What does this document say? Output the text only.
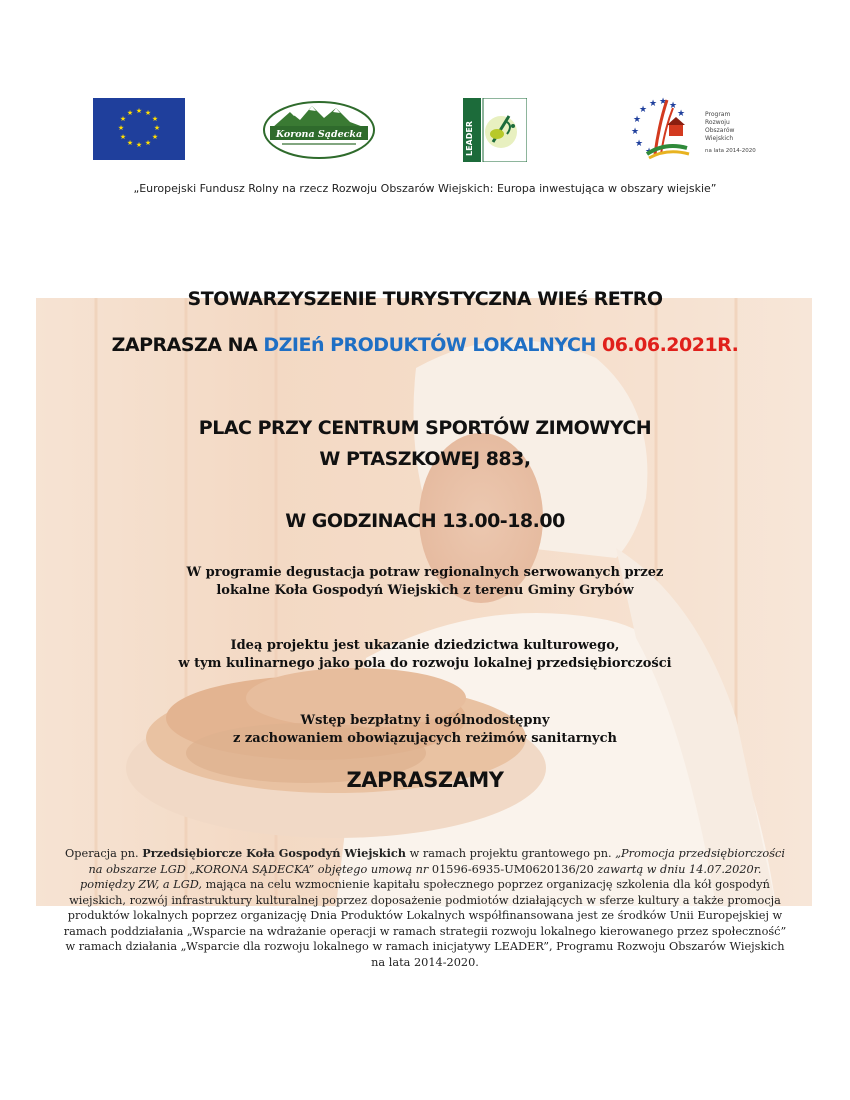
★ ★
★
★
★
★
★
★
★
★
★
★
Korona Sądecka	LEADER
★
★
★ ★ ★
★
★
★
★
Program
Rozwoju
Obszarów
Wiejskich
na lata 2014-2020
„Europejski Fundusz Rolny na rzecz Rozwoju Obszarów Wiejskich: Europa inwestująca w obszary wiejskie”
STOWARZYSZENIE TURYSTYCZNA WIEś RETRO
ZAPRASZA NA DZIEń PRODUKTÓW LOKALNYCH 06.06.2021R.
PLAC PRZY CENTRUM SPORTÓW ZIMOWYCH
W PTASZKOWEJ 883,
W GODZINACH 13.00-18.00
W programie degustacja potraw regionalnych serwowanych przez
lokalne Koła Gospodyń Wiejskich z terenu Gminy Grybów
Ideą projektu jest ukazanie dziedzictwa kulturowego,
w tym kulinarnego jako pola do rozwoju lokalnej przedsiębiorczości
Wstęp bezpłatny i ogólnodostępny
z zachowaniem obowiązujących reżimów sanitarnych
ZAPRASZAMY
Operacja pn. Przedsiębiorcze Koła Gospodyń Wiejskich w ramach projektu grantowego pn. „Promocja przedsiębiorczości na obszarze LGD „KORONA SĄDECKA” objętego umową nr 01596-6935-UM0620136/20 zawartą w dniu 14.07.2020r. pomiędzy ZW, a LGD, mająca na celu wzmocnienie kapitału społecznego poprzez organizację szkolenia dla kół gospodyń wiejskich, rozwój infrastruktury kulturalnej poprzez doposażenie podmiotów działających w sferze kultury a także promocja produktów lokalnych poprzez organizację Dnia Produktów Lokalnych współfinansowana jest ze środków Unii Europejskiej w ramach poddziałania „Wsparcie na wdrażanie operacji w ramach strategii rozwoju lokalnego kierowanego przez społeczność” w ramach działania „Wsparcie dla rozwoju lokalnego w ramach inicjatywy LEADER”, Programu Rozwoju Obszarów Wiejskich na lata 2014-2020.
